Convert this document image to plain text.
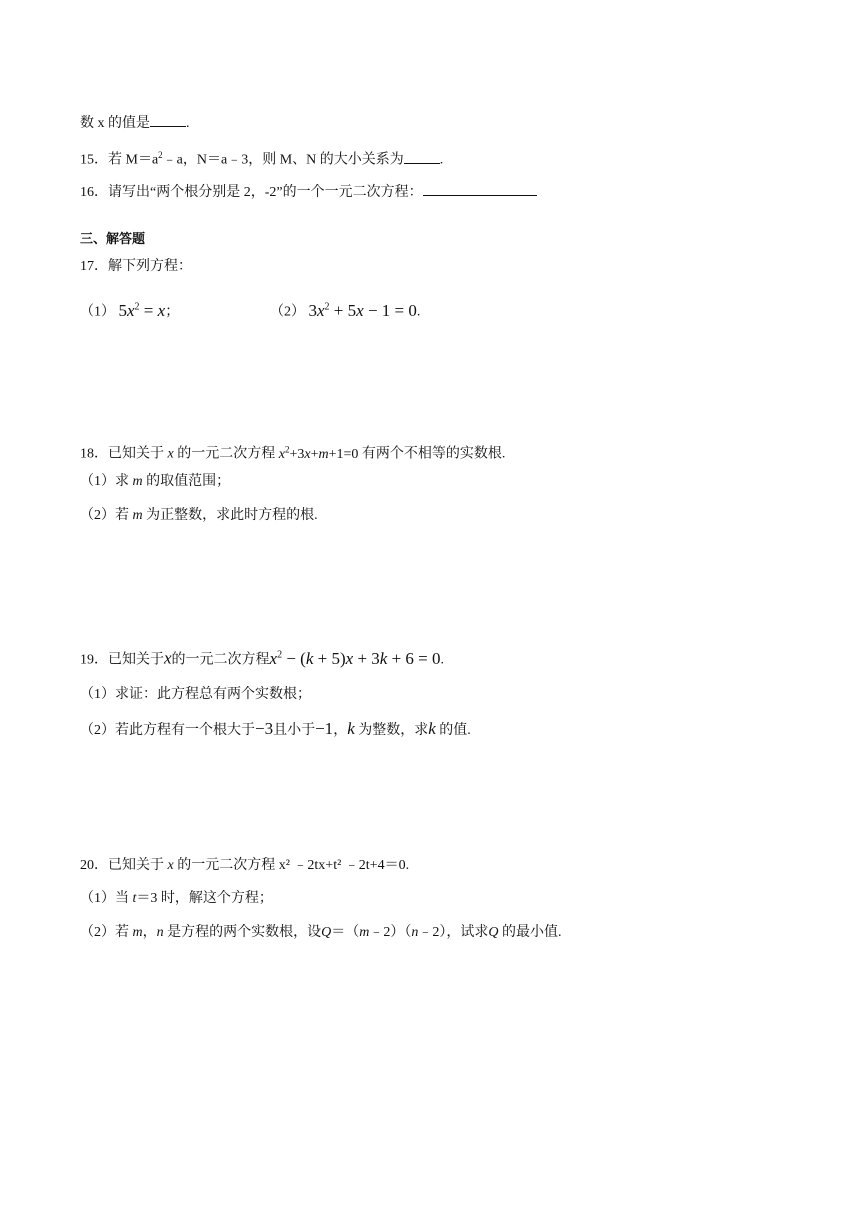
数 x 的值是	.
15．若 $M=a^2﹣a$，N＝a﹣3，则 M、N 的大小关系为	.
16．请写出“两个根分别是 2，-2”的一个一元二次方程：
三、解答题
17．解下列方程：
（1） $5x^2 = x$；	（2） $3x^2 + 5x - 1 = 0$.
18．已知关于 x 的一元二次方程 $x^2+3x+m+1=0$ 有两个不相等的实数根.
（1）求 m 的取值范围；
（2）若 m 为正整数，求此时方程的根.
19．已知关于x的一元二次方程$x^2 - (k + 5)x + 3k + 6 = 0$.
（1）求证：此方程总有两个实数根；
（2）若此方程有一个根大于−3且小于−1，k 为整数，求k 的值.
20．已知关于 x 的一元二次方程 x² ﹣2tx+t² ﹣2t+4＝0.
（1）当 t＝3 时，解这个方程；
（2）若 m，n 是方程的两个实数根，设Q＝（m﹣2）（n﹣2），试求Q 的最小值.
